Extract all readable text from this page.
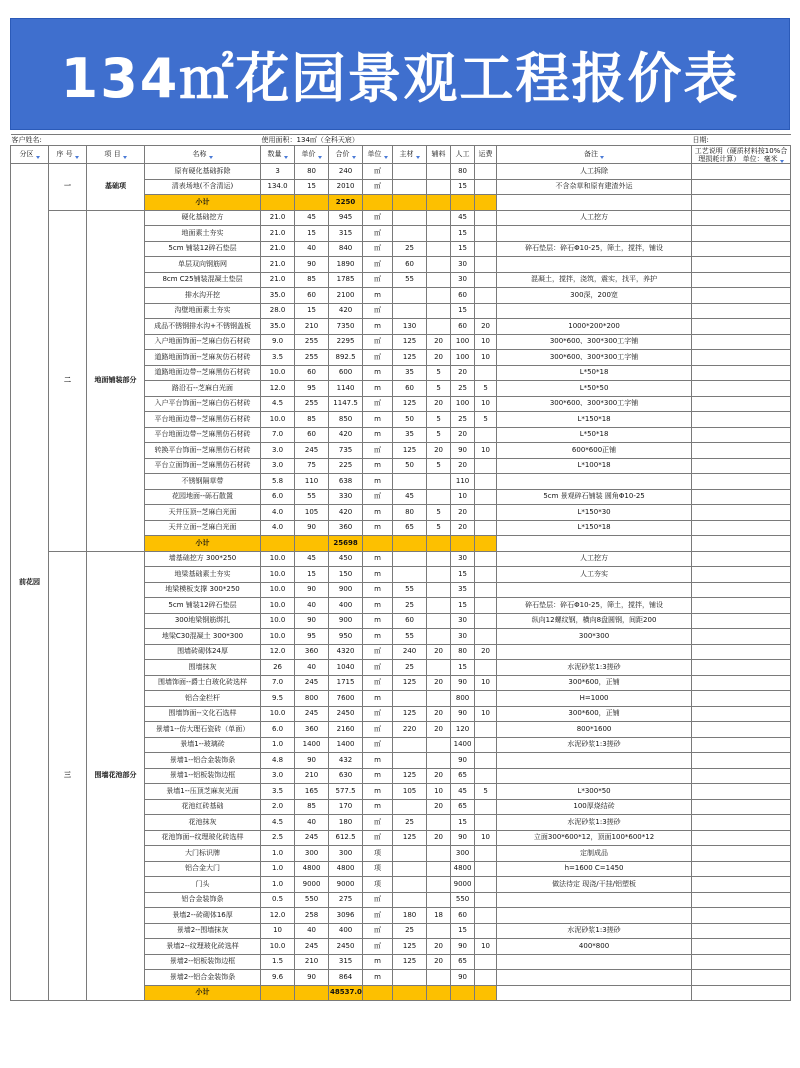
134㎡花园景观工程报价表
客户姓名:				使用面积：134㎡（全科天宸）									日期:
分区	序 号	项 目	名称	数量	单价	合价	单位	主材	辅料	人工	运费	备注	工艺说明（硬质材料按10%合理损耗计算） 单位：毫米
前花园	一	基础项	原有硬化基础拆除	3	80	240	㎡			80		人工拆除	
			清表场地(不含清运)	134.0	15	2010	㎡			15		不含杂草和原有建渣外运	
			小计			2250							
	二	地面铺装部分	硬化基础挖方	21.0	45	945	㎡			45		人工挖方	
			地面素土夯实	21.0	15	315	㎡			15			
			5cm 铺装12碎石垫层	21.0	40	840	㎡	25		15		碎石垫层：碎石Φ10-25，筛土，搅拌，铺设	
			单层双向钢筋网	21.0	90	1890	㎡	60		30			
			8cm C25铺装混凝土垫层	21.0	85	1785	㎡	55		30		混凝土，搅拌，浇筑，震实，找平，养护	
			排水沟开挖	35.0	60	2100	m			60		300深，200宽	
			沟壁地面素土夯实	28.0	15	420	㎡			15			
			成品不锈钢排水沟+不锈钢盖板	35.0	210	7350	m	130		60	20	1000*200*200	
			入户地面饰面--芝麻白仿石材砖	9.0	255	2295	㎡	125	20	100	10	300*600、300*300工字铺	
			道路地面饰面--芝麻灰仿石材砖	3.5	255	892.5	㎡	125	20	100	10	300*600、300*300工字铺	
			道路地面边带--芝麻黑仿石材砖	10.0	60	600	m	35	5	20		L*50*18	
			路沿石--芝麻白光面	12.0	95	1140	m	60	5	25	5	L*50*50	
			入户平台饰面--芝麻白仿石材砖	4.5	255	1147.5	㎡	125	20	100	10	300*600、300*300工字铺	
			平台地面边带--芝麻黑仿石材砖	10.0	85	850	m	50	5	25	5	L*150*18	
			平台地面边带--芝麻黑仿石材砖	7.0	60	420	m	35	5	20		L*50*18	
			转换平台饰面--芝麻黑仿石材砖	3.0	245	735	㎡	125	20	90	10	600*600正铺	
			平台立面饰面--芝麻黑仿石材砖	3.0	75	225	m	50	5	20		L*100*18	
			不锈钢隔草带	5.8	110	638	m			110			
			花园地面--砾石散置	6.0	55	330	㎡	45		10		5cm 景观碎石铺装 圆角Φ10-25	
			天井压顶--芝麻白光面	4.0	105	420	m	80	5	20		L*150*30	
			天井立面--芝麻白光面	4.0	90	360	m	65	5	20		L*150*18	
			小计			25698							
	三	围墙花池部分	墙基础挖方 300*250	10.0	45	450	m			30		人工挖方	
			地梁基础素土夯实	10.0	15	150	m			15		人工夯实	
			地梁模板支撑 300*250	10.0	90	900	m	55		35			
			5cm 铺装12碎石垫层	10.0	40	400	m	25		15		碎石垫层：碎石Φ10-25，筛土，搅拌，铺设	
			300地梁钢筋绑扎	10.0	90	900	m	60		30		纵向12螺纹钢，横向8盘圆钢，间距200	
			地梁C30混凝土 300*300	10.0	95	950	m	55		30		300*300	
			围墙砖砌体24厚	12.0	360	4320	㎡	240	20	80	20		
			围墙抹灰	26	40	1040	㎡	25		15		水泥砂浆1:3搓砂	
			围墙饰面--爵士白玻化砖选样	7.0	245	1715	㎡	125	20	90	10	300*600，正铺	
			铝合金栏杆	9.5	800	7600	m			800		H=1000	
			围墙饰面--文化石选样	10.0	245	2450	㎡	125	20	90	10	300*600，正铺	
			景墙1--仿大理石瓷砖（单面）	6.0	360	2160	㎡	220	20	120		800*1600	
			景墙1--玻璃砖	1.0	1400	1400	㎡			1400		水泥砂浆1:3搓砂	
			景墙1--铝合金装饰条	4.8	90	432	m			90			
			景墙1--铝板装饰边框	3.0	210	630	m	125	20	65			
			景墙1--压顶芝麻灰光面	3.5	165	577.5	m	105	10	45	5	L*300*50	
			花池红砖基础	2.0	85	170	m		20	65		100厚烧结砖	
			花池抹灰	4.5	40	180	㎡	25		15		水泥砂浆1:3搓砂	
			花池饰面--纹理玻化砖选样	2.5	245	612.5	㎡	125	20	90	10	立面300*600*12，顶面100*600*12	
			大门标识牌	1.0	300	300	项			300		定制成品	
			铝合金大门	1.0	4800	4800	项			4800		h=1600 C=1450	
			门头	1.0	9000	9000	项			9000		做法待定 现浇/干挂/铝塑板	
			铝合金装饰条	0.5	550	275	㎡			550			
			景墙2--砖砌体16厚	12.0	258	3096	㎡	180	18	60			
			景墙2--围墙抹灰	10	40	400	㎡	25		15		水泥砂浆1:3搓砂	
			景墙2--纹理玻化砖选样	10.0	245	2450	㎡	125	20	90	10	400*800	
			景墙2--铝板装饰边框	1.5	210	315	m	125	20	65			
			景墙2--铝合金装饰条	9.6	90	864	m			90			
			小计			48537.0							
